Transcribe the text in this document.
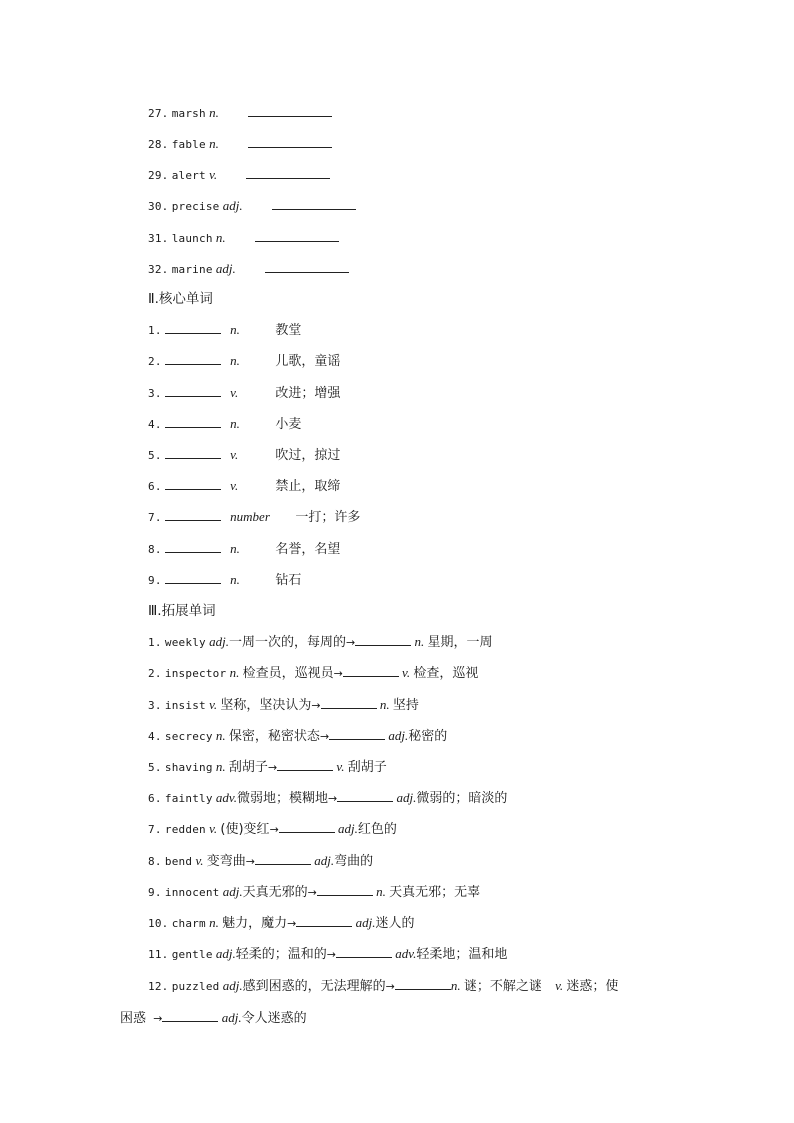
27. marsh n.
28. fable n.
29. alert v.
30. precise adj.
31. launch n.
32. marine adj.
Ⅱ.核心单词
1.	n.	教堂
2.	n.	儿歌，童谣
3.	v.	改进；增强
4.	n.	小麦
5.	v.	吹过，掠过
6.	v.	禁止，取缔
7.	number 一打；许多
8.	n.	名誉，名望
9.	n.	钻石
Ⅲ.拓展单词
1. weekly adj.一周一次的，每周的→	n. 星期，一周
2. inspector n. 检查员，巡视员→	v. 检查，巡视
3. insist v. 坚称，坚决认为→	n. 坚持
4. secrecy n. 保密，秘密状态→	adj.秘密的
5. shaving n. 刮胡子→	v. 刮胡子
6. faintly adv.微弱地；模糊地→	adj.微弱的；暗淡的
7. redden v. (使)变红→	adj.红色的
8. bend v. 变弯曲→	adj.弯曲的
9. innocent adj.天真无邪的→	n. 天真无邪；无辜
10. charm n. 魅力，魔力→	adj.迷人的
11. gentle adj.轻柔的；温和的→	adv.轻柔地；温和地
12. puzzled adj.感到困惑的，无法理解的→	n. 谜；不解之谜 v. 迷惑；使
困惑 →	adj.令人迷惑的
